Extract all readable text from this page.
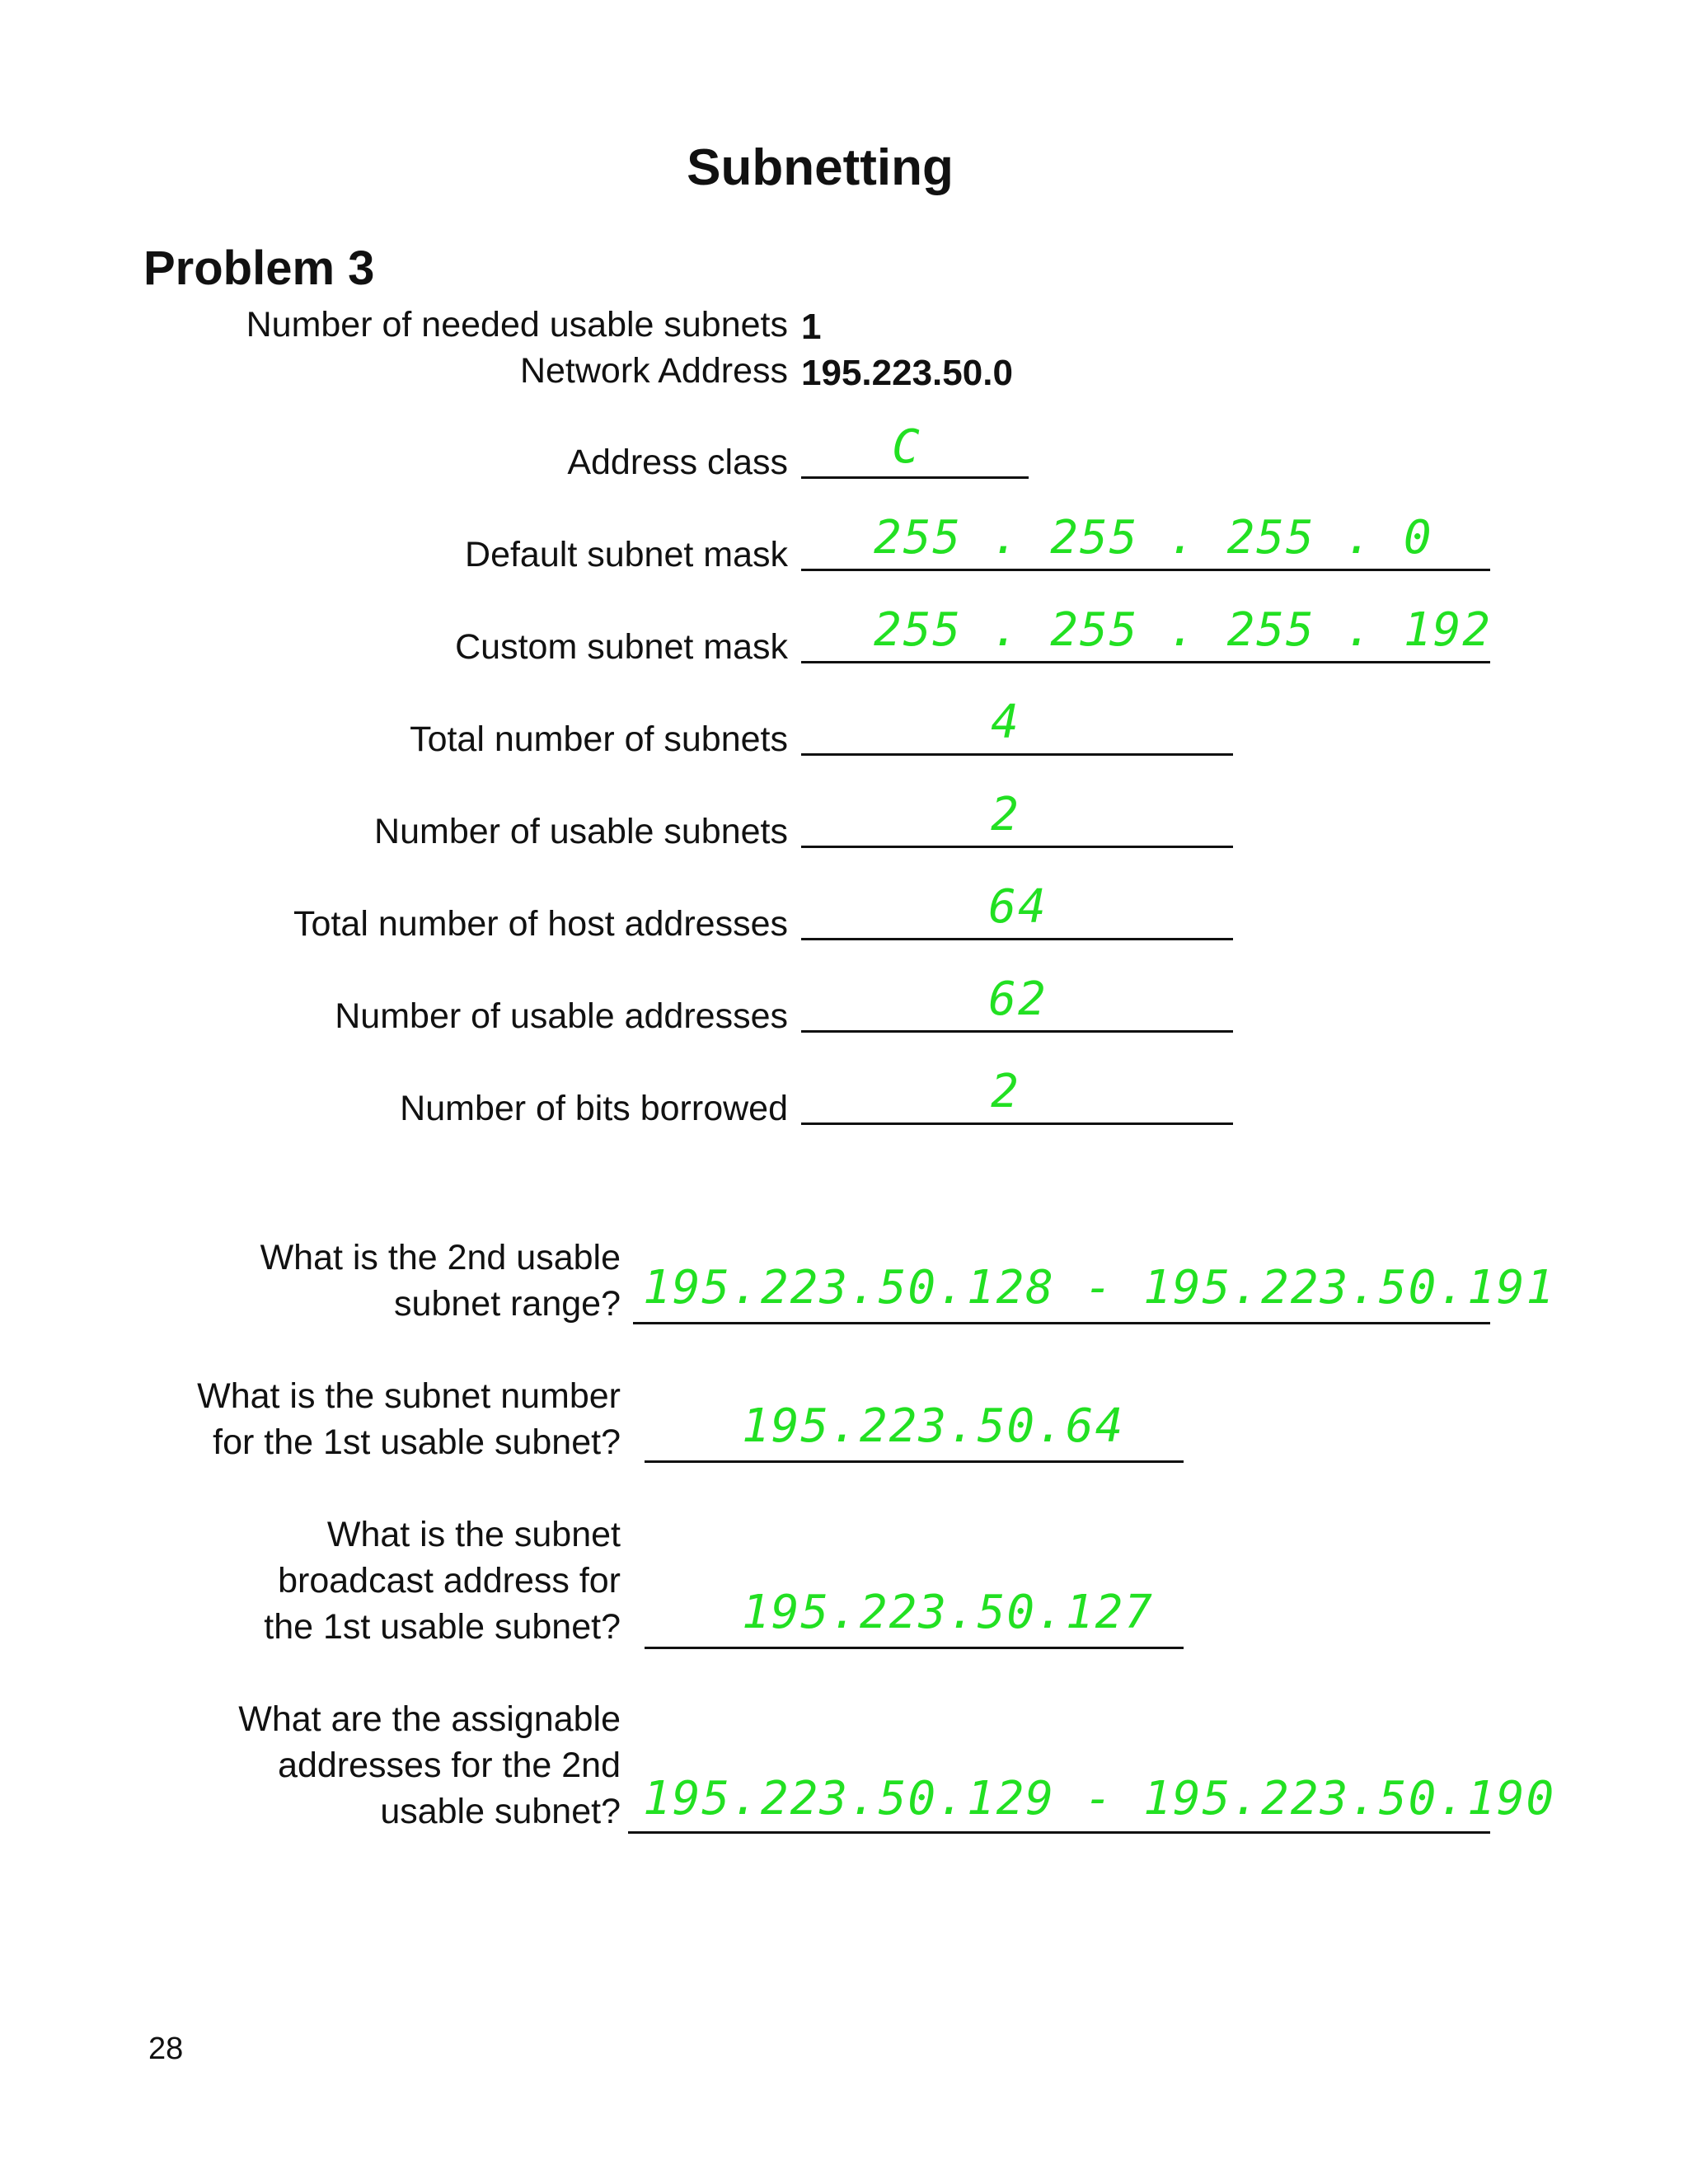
Subnetting
Problem 3
Number of needed usable subnets 1
Network Address 195.223.50.0
Address class	C
Default subnet mask 255 . 255 . 255 . 0
Custom subnet mask 255 . 255 . 255 . 192
Total number of subnets	4
Number of usable subnets	2
Total number of host addresses	64
Number of usable addresses	62
Number of bits borrowed	2
What is the 2nd usable
subnet range? 195.223.50.128 - 195.223.50.191
What is the subnet number
for the 1st usable subnet?	195.223.50.64
What is the subnet
broadcast address for
the 1st usable subnet?	195.223.50.127
What are the assignable
addresses for the 2nd
usable subnet? 195.223.50.129 - 195.223.50.190
28
